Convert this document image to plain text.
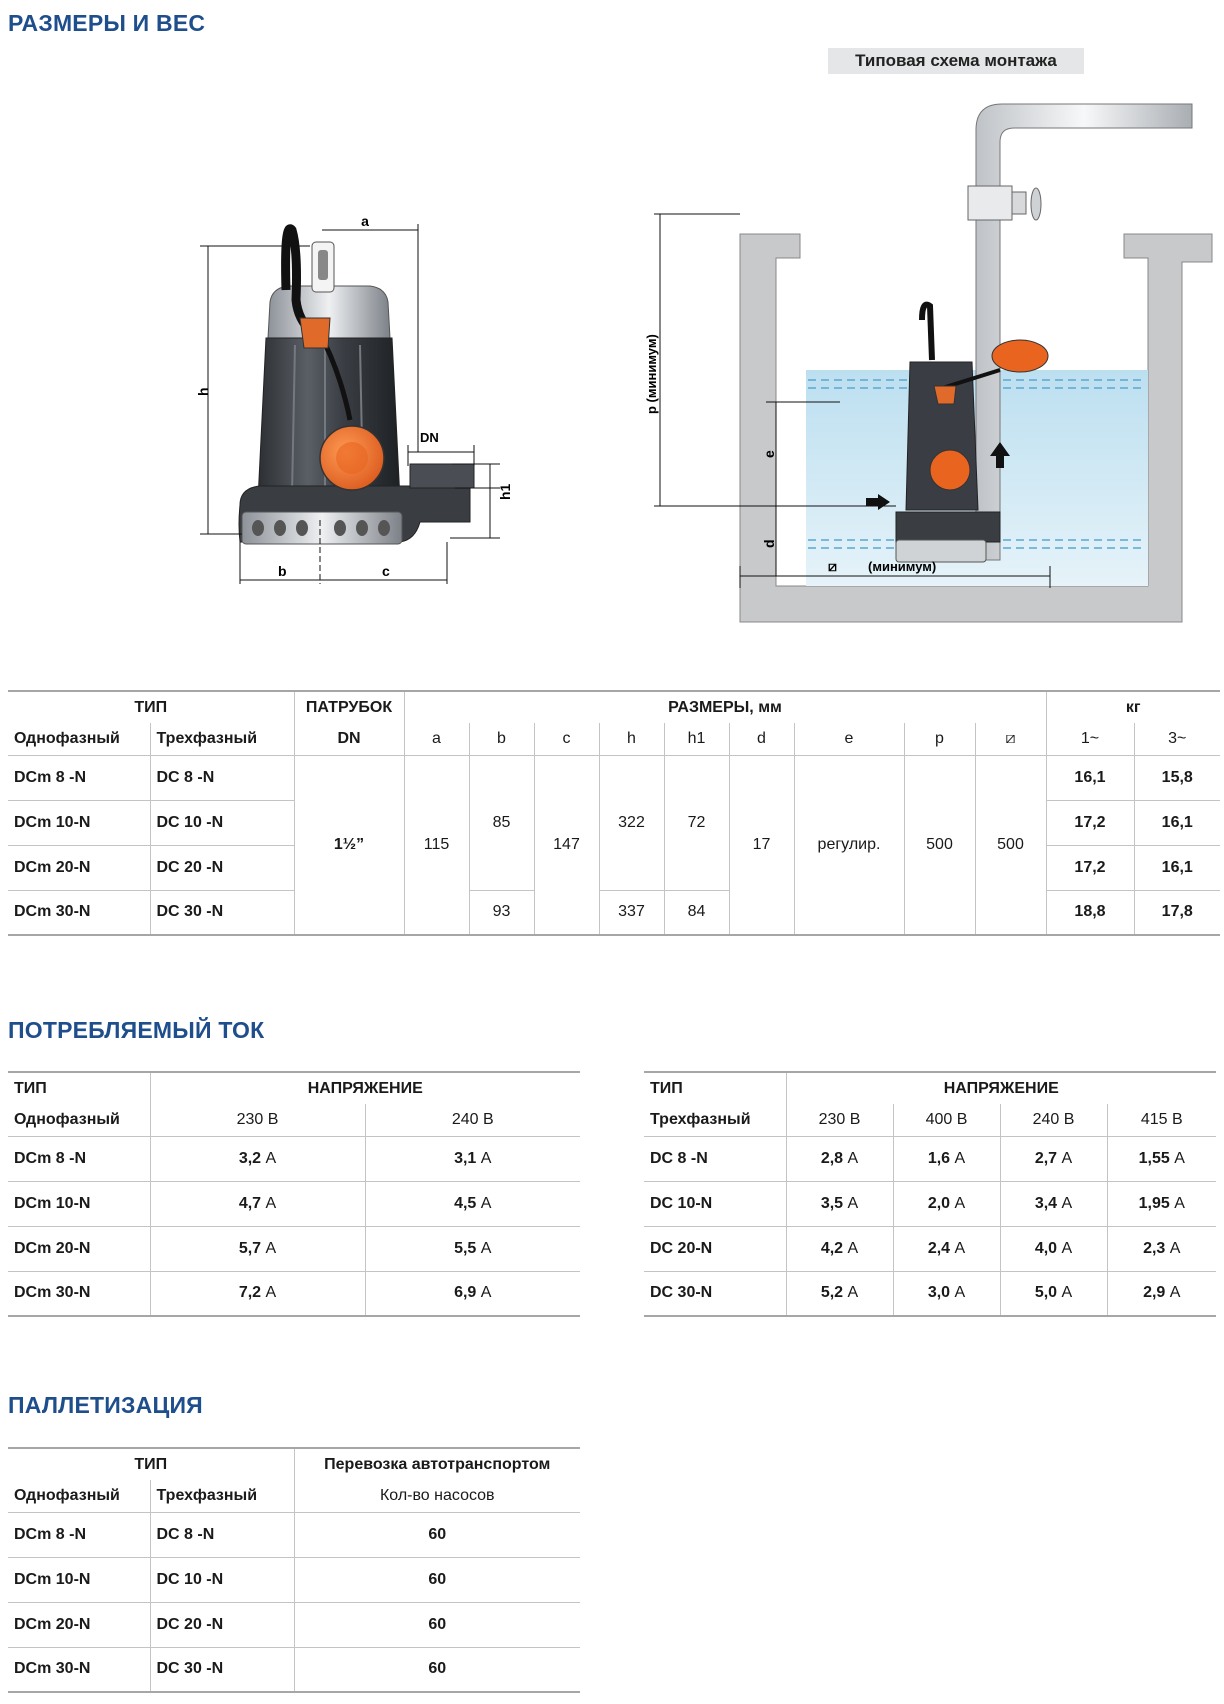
РАЗМЕРЫ И ВЕС
ПОТРЕБЛЯЕМЫЙ ТОК
ПАЛЛЕТИЗАЦИЯ
a
h
DN
h1
b	c
Типовая схема монтажа
p (минимум)
e
d
⧄ (минимум)
ТИП		ПАТРУБОК	РАЗМЕРЫ, мм									кг	
Однофазный	Трехфазный	DN	a	b	c	h	h1	d	e	p	⧄	1~	3~
DCm 8 -N	DC 8 -N	1½”	115	85	147	322	72	17	регулир.	500	500	16,1	15,8
DCm 10-N	DC 10 -N											17,2	16,1
DCm 20-N	DC 20 -N											17,2	16,1
DCm 30-N	DC 30 -N			93		337	84					18,8	17,8
ТИП	НАПРЯЖЕНИЕ	
Однофазный	230 В	240 В
DCm 8 -N	3,2 А	3,1 А
DCm 10-N	4,7 А	4,5 А
DCm 20-N	5,7 А	5,5 А
DCm 30-N	7,2 А	6,9 А
ТИП	НАПРЯЖЕНИЕ			
Трехфазный	230 В	400 В	240 В	415 В
DC 8 -N	2,8 А	1,6 А	2,7 А	1,55 А
DC 10-N	3,5 А	2,0 А	3,4 А	1,95 А
DC 20-N	4,2 А	2,4 А	4,0 А	2,3 А
DC 30-N	5,2 А	3,0 А	5,0 А	2,9 А
ТИП		Перевозка автотранспортом
Однофазный	Трехфазный	Кол-во насосов
DCm 8 -N	DC 8 -N	60
DCm 10-N	DC 10 -N	60
DCm 20-N	DC 20 -N	60
DCm 30-N	DC 30 -N	60
